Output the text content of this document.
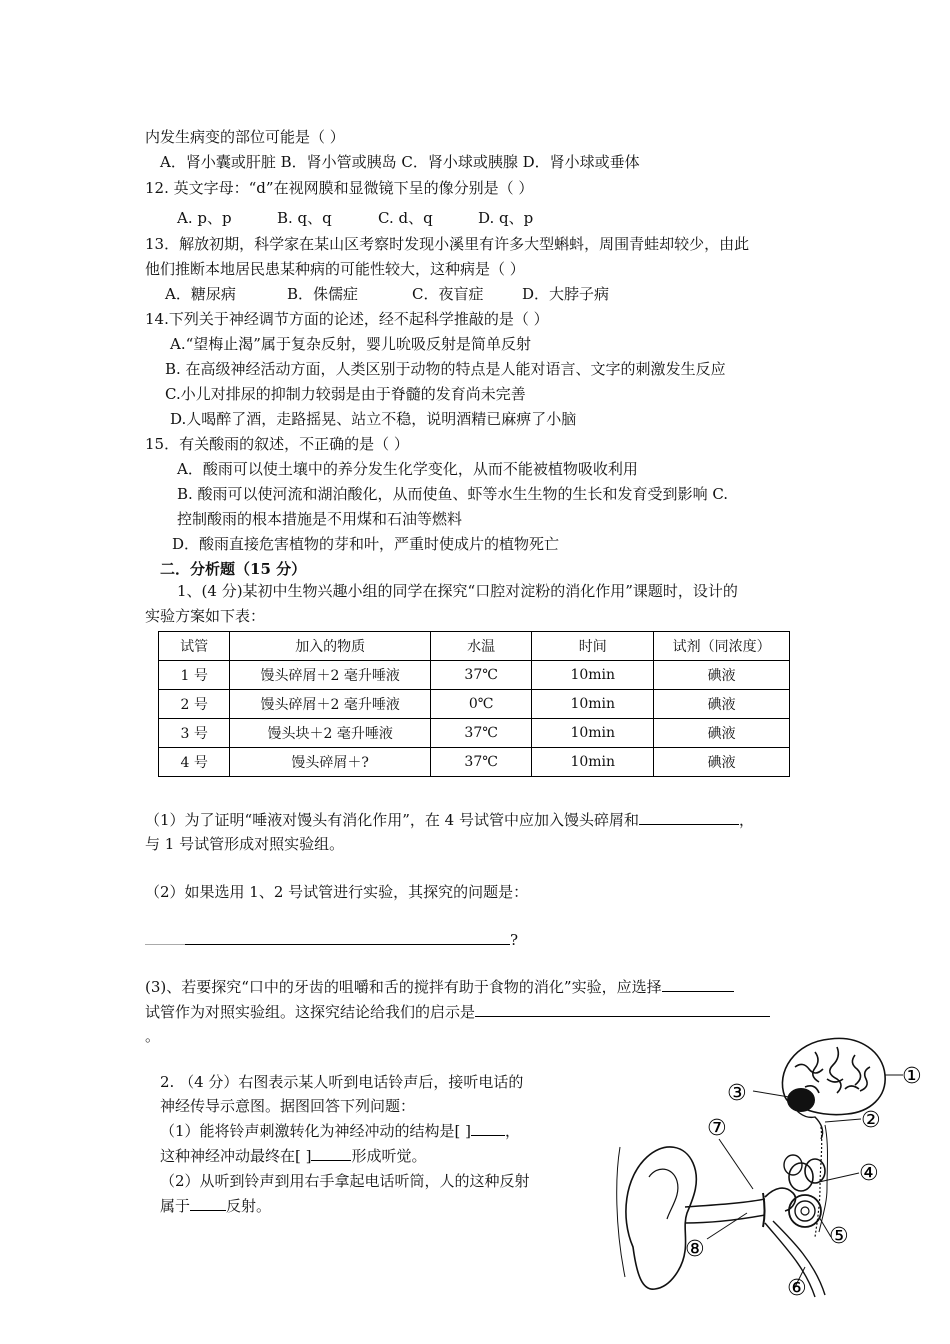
内发生病变的部位可能是（ ）
A．肾小囊或肝脏 B．肾小管或胰岛 C．肾小球或胰腺 D．肾小球或垂体
12. 英文字母：“d”在视网膜和显微镜下呈的像分别是（ ）
A. p、p	B. q、q	C. d、q	D. q、p
13．解放初期，科学家在某山区考察时发现小溪里有许多大型蝌蚪，周围青蛙却较少，由此
他们推断本地居民患某种病的可能性较大，这种病是（ ）
A．糖尿病	B．侏儒症	C．夜盲症	D．大脖子病
14.下列关于神经调节方面的论述，经不起科学推敲的是（ ）
A.“望梅止渴”属于复杂反射，婴儿吮吸反射是简单反射
B. 在高级神经活动方面，人类区别于动物的特点是人能对语言、文字的刺激发生反应
C.小儿对排尿的抑制力较弱是由于脊髓的发育尚未完善
D.人喝醉了酒，走路摇晃、站立不稳，说明酒精已麻痹了小脑
15．有关酸雨的叙述，不正确的是（ ）
A．酸雨可以使土壤中的养分发生化学变化，从而不能被植物吸收利用
B. 酸雨可以使河流和湖泊酸化，从而使鱼、虾等水生生物的生长和发育受到影响 C.
控制酸雨的根本措施是不用煤和石油等燃料
D．酸雨直接危害植物的芽和叶，严重时使成片的植物死亡
二．分析题（15 分）
1、(4 分)某初中生物兴趣小组的同学在探究“口腔对淀粉的消化作用”课题时，设计的
实验方案如下表：
试管	加入的物质	水温	时间	试剂（同浓度）
1 号	馒头碎屑＋2 毫升唾液	37℃	10min	碘液
2 号	馒头碎屑＋2 毫升唾液	0℃	10min	碘液
3 号	馒头块＋2 毫升唾液	37℃	10min	碘液
4 号	馒头碎屑＋?	37℃	10min	碘液
（1）为了证明“唾液对馒头有消化作用”，在 4 号试管中应加入馒头碎屑和	，
与 1 号试管形成对照实验组。
（2）如果选用 1、2 号试管进行实验，其探究的问题是：
?
(3)、若要探究“口中的牙齿的咀嚼和舌的搅拌有助于食物的消化”实验，应选择
试管作为对照实验组。这探究结论给我们的启示是
。
2. （4 分）右图表示某人听到电话铃声后，接听电话的
神经传导示意图。据图回答下列问题：
（1）能将铃声刺激转化为神经冲动的结构是[ ] ，
这种神经冲动最终在[ ]	形成听觉。
（2）从听到铃声到用右手拿起电话听筒，人的这种反射
属于 反射。
①
②
③
④
⑤
⑥
⑦
⑧
